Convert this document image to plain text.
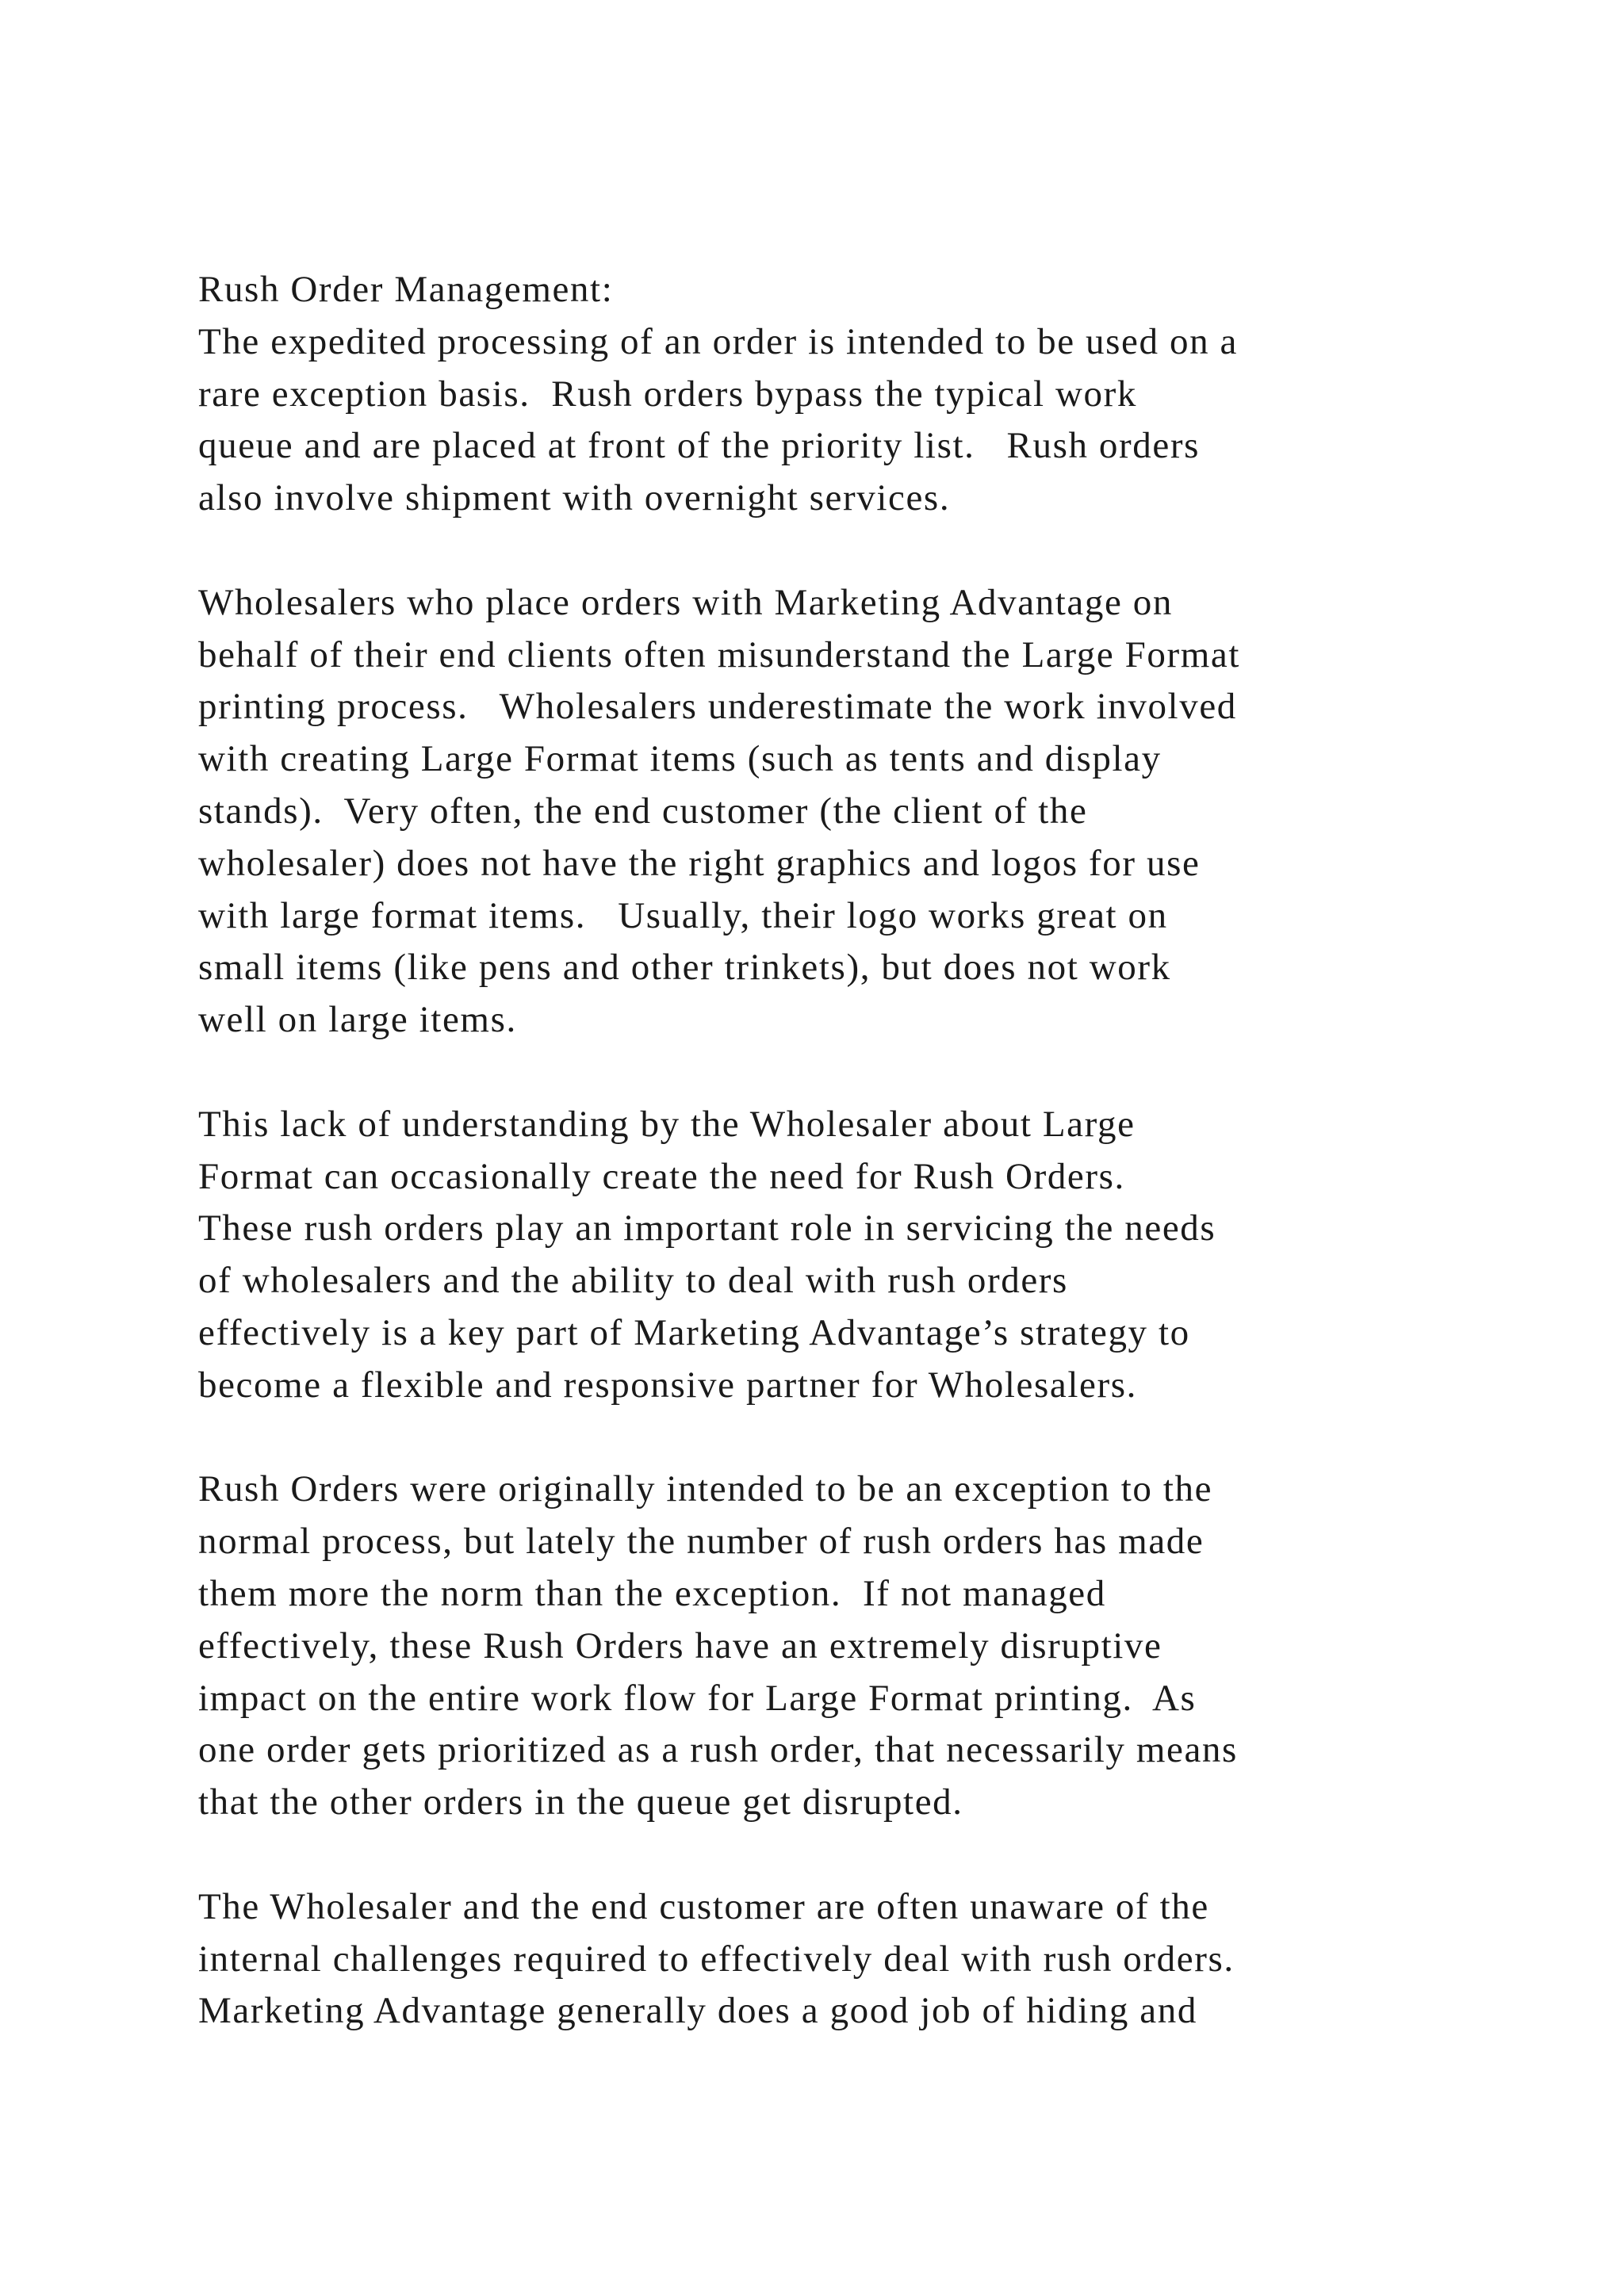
Rush Order Management:
The expedited processing of an order is intended to be used on a
rare exception basis.  Rush orders bypass the typical work
queue and are placed at front of the priority list.   Rush orders
also involve shipment with overnight services.
Wholesalers who place orders with Marketing Advantage on
behalf of their end clients often misunderstand the Large Format
printing process.   Wholesalers underestimate the work involved
with creating Large Format items (such as tents and display
stands).  Very often, the end customer (the client of the
wholesaler) does not have the right graphics and logos for use
with large format items.   Usually, their logo works great on
small items (like pens and other trinkets), but does not work
well on large items.
This lack of understanding by the Wholesaler about Large
Format can occasionally create the need for Rush Orders.
These rush orders play an important role in servicing the needs
of wholesalers and the ability to deal with rush orders
effectively is a key part of Marketing Advantage’s strategy to
become a flexible and responsive partner for Wholesalers.
Rush Orders were originally intended to be an exception to the
normal process, but lately the number of rush orders has made
them more the norm than the exception.  If not managed
effectively, these Rush Orders have an extremely disruptive
impact on the entire work flow for Large Format printing.  As
one order gets prioritized as a rush order, that necessarily means
that the other orders in the queue get disrupted.
The Wholesaler and the end customer are often unaware of the
internal challenges required to effectively deal with rush orders.
Marketing Advantage generally does a good job of hiding and
